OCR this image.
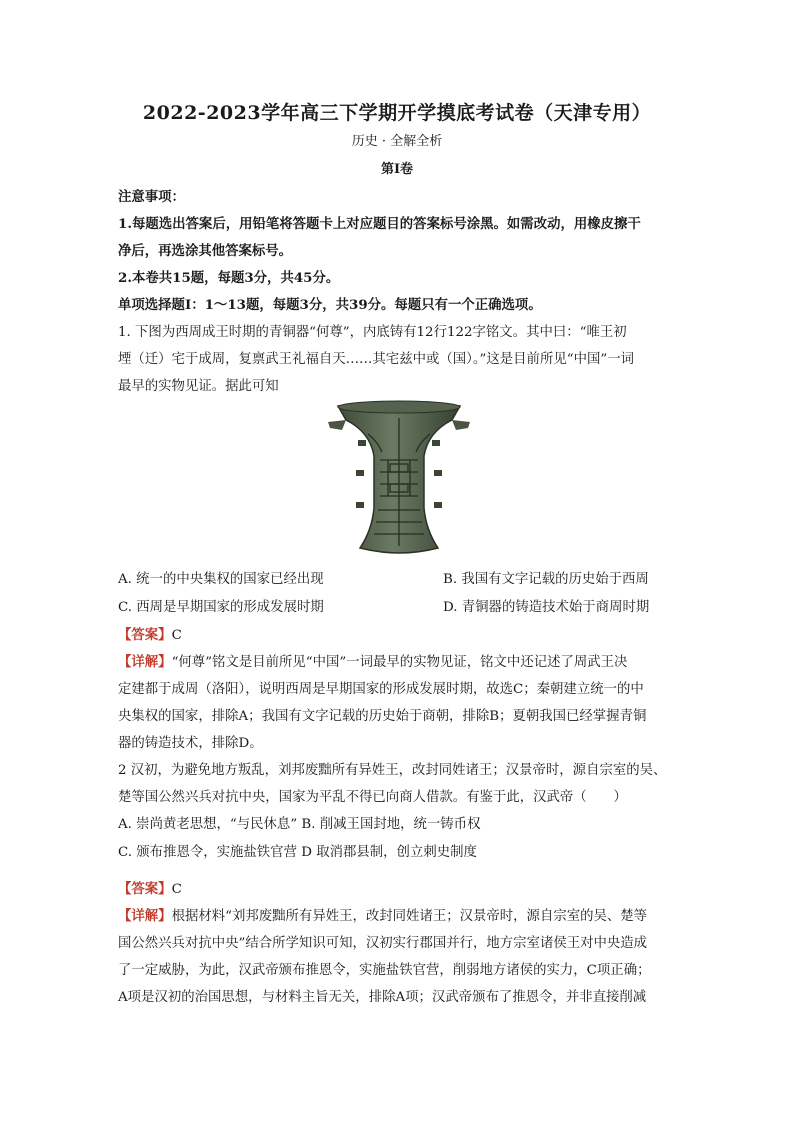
2022-2023学年高三下学期开学摸底考试卷（天津专用）
历史 · 全解全析
第I卷
注意事项：
1.每题选出答案后，用铅笔将答题卡上对应题目的答案标号涂黑。如需改动，用橡皮擦干
净后，再选涂其他答案标号。
2.本卷共15题，每题3分，共45分。
单项选择题Ⅰ：1～13题，每题3分，共39分。每题只有一个正确选项。
1. 下图为西周成王时期的青铜器“何尊”，内底铸有12行122字铭文。其中曰：“唯王初
堙（迁）宅于成周，复禀武王礼福自天……其宅兹中或（国）。”这是目前所见“中国”一词
最早的实物见证。据此可知
A. 统一的中央集权的国家已经出现	B. 我国有文字记载的历史始于西周
C. 西周是早期国家的形成发展时期	D. 青铜器的铸造技术始于商周时期
【答案】C
【详解】“何尊”铭文是目前所见“中国”一词最早的实物见证，铭文中还记述了周武王决
定建都于成周（洛阳），说明西周是早期国家的形成发展时期，故选C；秦朝建立统一的中
央集权的国家，排除A；我国有文字记载的历史始于商朝，排除B；夏朝我国已经掌握青铜
器的铸造技术，排除D。
2 汉初，为避免地方叛乱，刘邦废黜所有异姓王，改封同姓诸王；汉景帝时，源自宗室的吴、
楚等国公然兴兵对抗中央，国家为平乱不得已向商人借款。有鉴于此，汉武帝（　　）
A. 崇尚黄老思想，“与民休息” B. 削减王国封地，统一铸币权
C. 颁布推恩令，实施盐铁官营 D 取消郡县制，创立刺史制度
【答案】C
【详解】根据材料“刘邦废黜所有异姓王，改封同姓诸王；汉景帝时，源自宗室的吴、楚等
国公然兴兵对抗中央”结合所学知识可知，汉初实行郡国并行，地方宗室诸侯王对中央造成
了一定威胁，为此，汉武帝颁布推恩令，实施盐铁官营，削弱地方诸侯的实力，C项正确；
A项是汉初的治国思想，与材料主旨无关，排除A项；汉武帝颁布了推恩令，并非直接削减
